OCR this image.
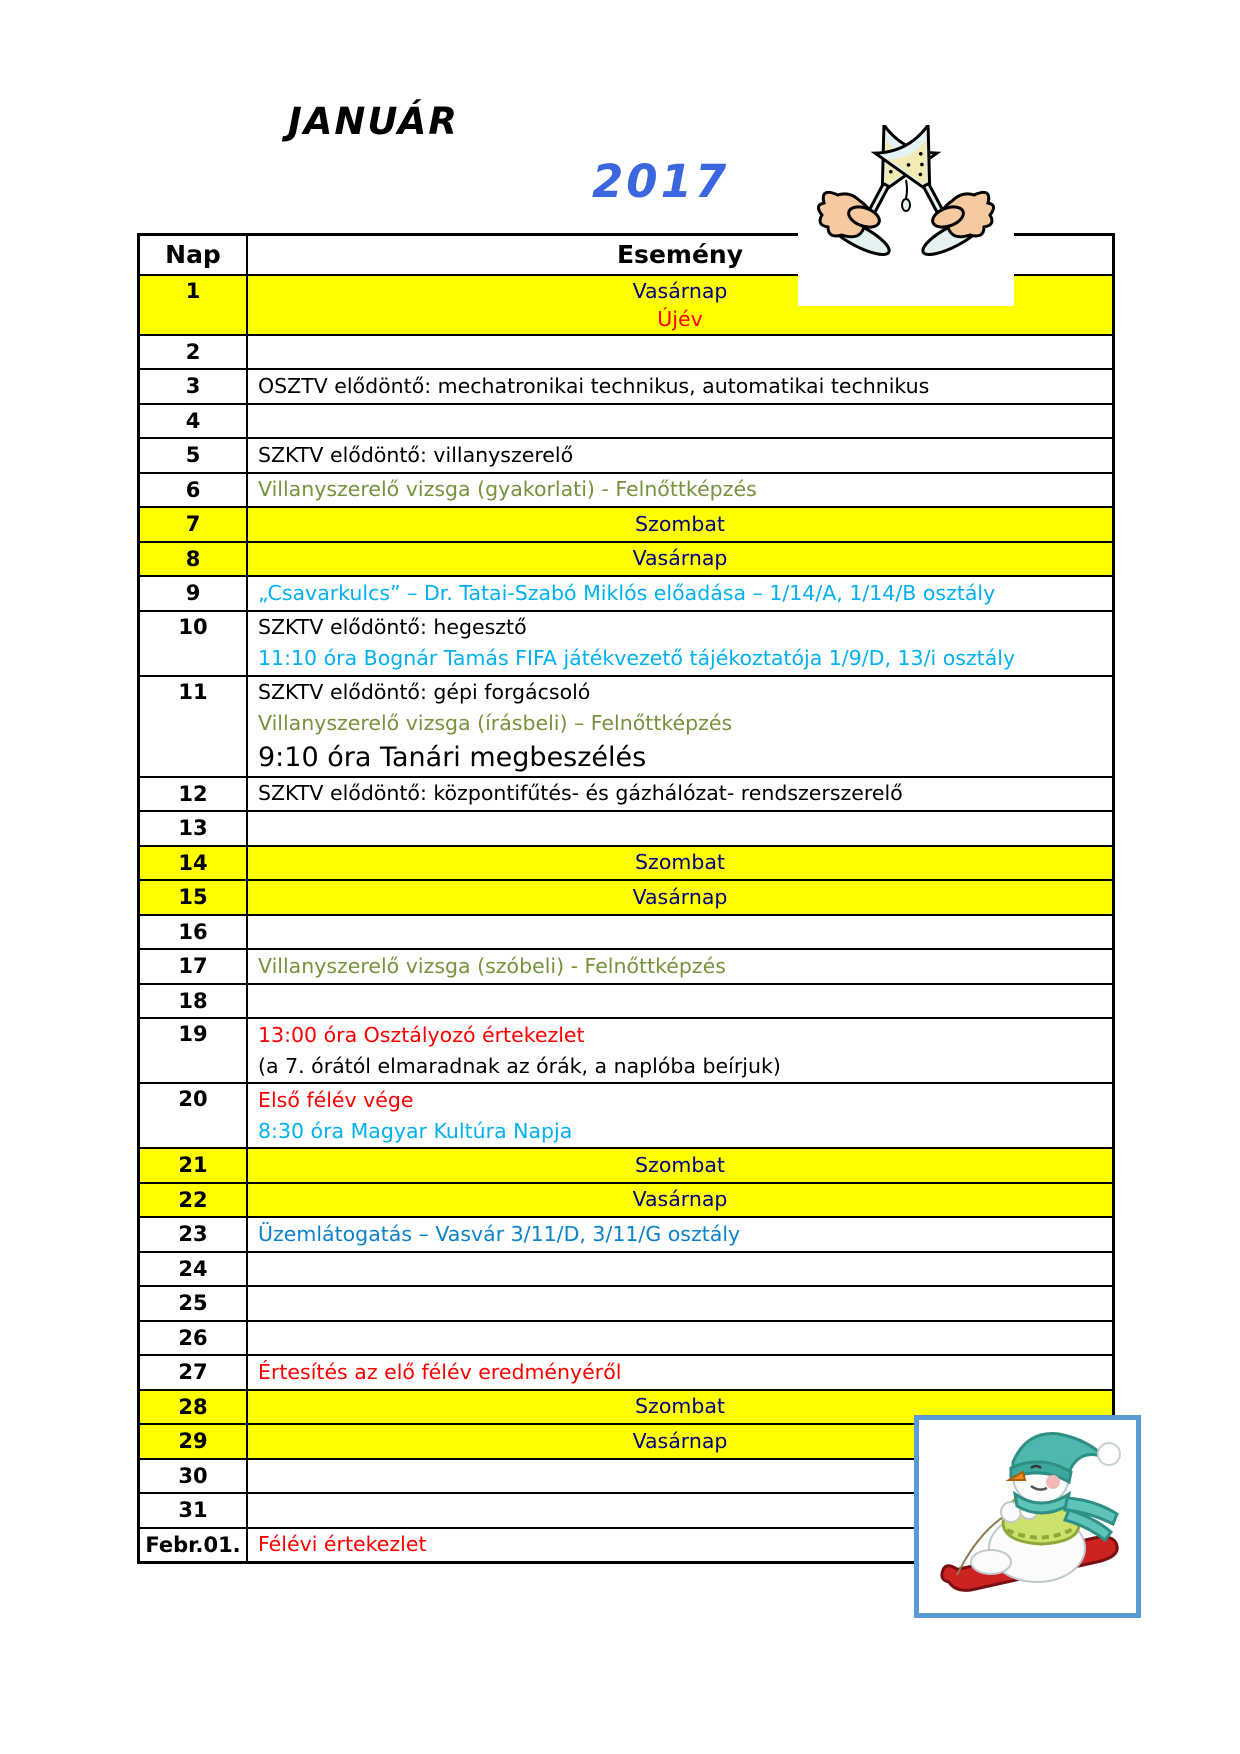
JANUÁR
2017
Nap	Esemény
1	Vasárnap
Újév

2	
3	OSZTV elődöntő: mechatronikai technikus, automatikai technikus

4	
5	SZKTV elődöntő: villanyszerelő

6	Villanyszerelő vizsga (gyakorlati) - Felnőttképzés

7	Szombat

8	Vasárnap

9	„Csavarkulcs” – Dr. Tatai-Szabó Miklós előadása – 1/14/A, 1/14/B osztály

10	SZKTV elődöntő: hegesztő
11:10 óra Bognár Tamás FIFA játékvezető tájékoztatója 1/9/D, 13/i osztály

11	SZKTV elődöntő: gépi forgácsoló
Villanyszerelő vizsga (írásbeli) – Felnőttképzés
9:10 óra Tanári megbeszélés

12	SZKTV elődöntő: központifűtés- és gázhálózat- rendszerszerelő

13	
14	Szombat

15	Vasárnap

16	
17	Villanyszerelő vizsga (szóbeli) - Felnőttképzés

18	
19	13:00 óra Osztályozó értekezlet
(a 7. órától elmaradnak az órák, a naplóba beírjuk)

20	Első félév vége
8:30 óra Magyar Kultúra Napja

21	Szombat

22	Vasárnap

23	Üzemlátogatás – Vasvár 3/11/D, 3/11/G osztály

24	
25	
26	
27	Értesítés az elő félév eredményéről

28	Szombat

29	Vasárnap

30	
31	
Febr.01.	Félévi értekezlet
